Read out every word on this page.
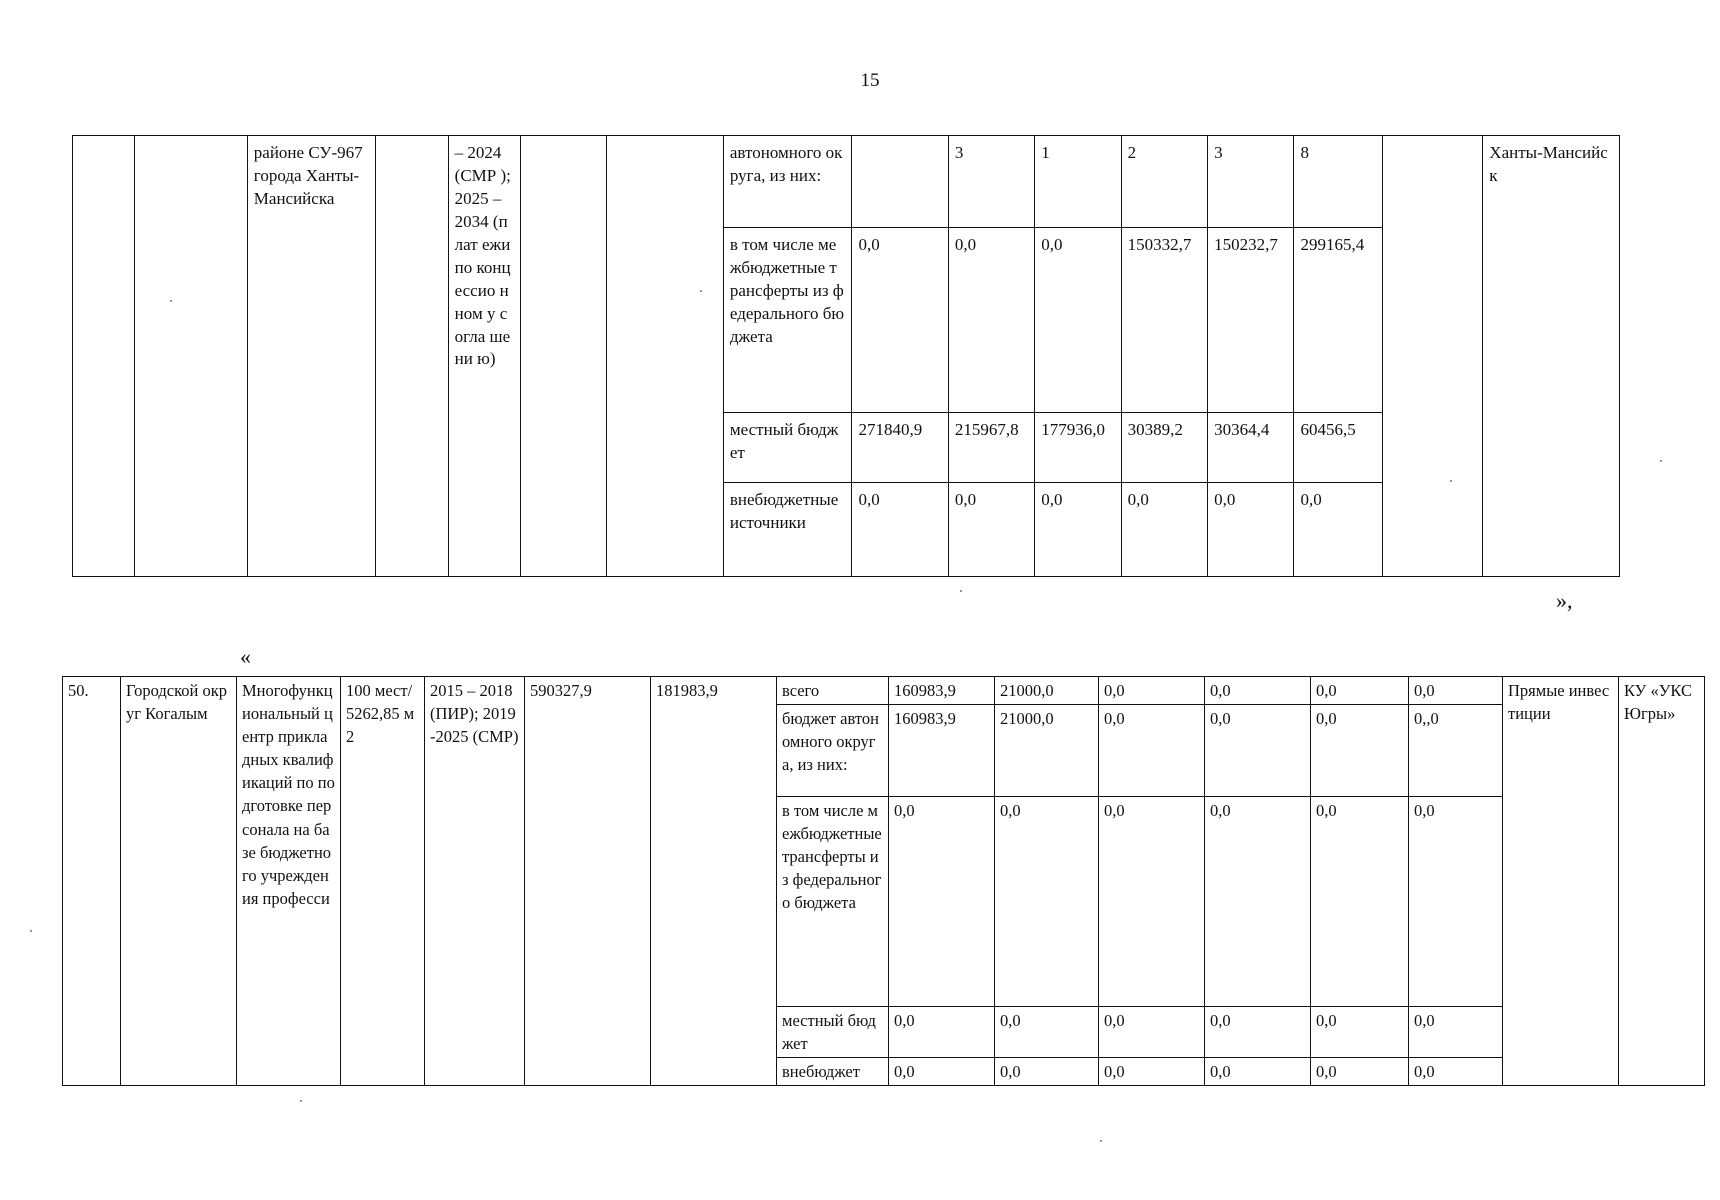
15
		районе СУ-967 города Ханты-Мансийска		– 2024 (СМР ); 2025 – 2034 (плат ежи по конц ессио нном у согла шени ю)			автономного округа, из них:		3	1	2	3	8		Ханты-Мансийск
							в том числе межбюджетные трансферты из федерального бюджета	0,0	0,0	0,0	150332,7	150232,7	299165,4		
							местный бюджет	271840,9	215967,8	177936,0	30389,2	30364,4	60456,5		
							внебюджетные источники	0,0	0,0	0,0	0,0	0,0	0,0		
»,
«
50.	Городской округ Когалым	Многофункциональный центр прикладных квалификаций по подготовке персонала на базе бюджетного учреждения професси	100 мест/5262,85 м2	2015 – 2018 (ПИР); 2019-2025 (СМР)	590327,9	181983,9	всего	160983,9	21000,0	0,0	0,0	0,0	0,0	Прямые инвестиции	КУ «УКС Югры»
							бюджет автономного округа, из них:	160983,9	21000,0	0,0	0,0	0,0	0,,0		
							в том числе межбюджетные трансферты из федерального бюджета	0,0	0,0	0,0	0,0	0,0	0,0		
							местный бюджет	0,0	0,0	0,0	0,0	0,0	0,0		
							внебюджет	0,0	0,0	0,0	0,0	0,0	0,0		
